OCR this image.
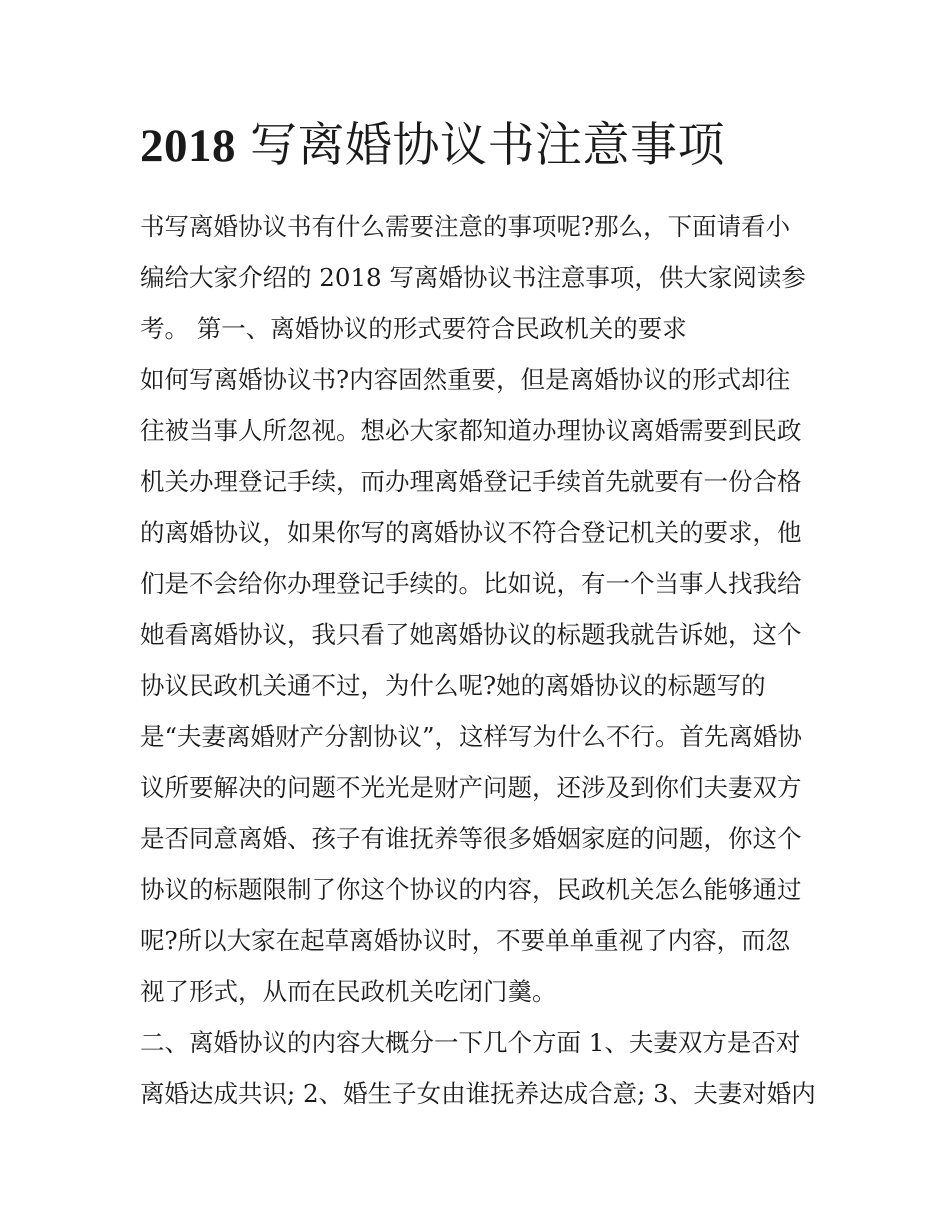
2018 写离婚协议书注意事项

书写离婚协议书有什么需要注意的事项呢?那么，下面请看小

编给大家介绍的 2018 写离婚协议书注意事项，供大家阅读参

考。 第一、离婚协议的形式要符合民政机关的要求

如何写离婚协议书?内容固然重要，但是离婚协议的形式却往

往被当事人所忽视。想必大家都知道办理协议离婚需要到民政

机关办理登记手续，而办理离婚登记手续首先就要有一份合格

的离婚协议，如果你写的离婚协议不符合登记机关的要求，他

们是不会给你办理登记手续的。比如说，有一个当事人找我给

她看离婚协议，我只看了她离婚协议的标题我就告诉她，这个

协议民政机关通不过，为什么呢?她的离婚协议的标题写的

是“夫妻离婚财产分割协议”，这样写为什么不行。首先离婚协

议所要解决的问题不光光是财产问题，还涉及到你们夫妻双方

是否同意离婚、孩子有谁抚养等很多婚姻家庭的问题，你这个

协议的标题限制了你这个协议的内容，民政机关怎么能够通过

呢?所以大家在起草离婚协议时，不要单单重视了内容，而忽

视了形式，从而在民政机关吃闭门羹。

二、离婚协议的内容大概分一下几个方面 1、夫妻双方是否对

离婚达成共识; 2、婚生子女由谁抚养达成合意; 3、夫妻对婚内
